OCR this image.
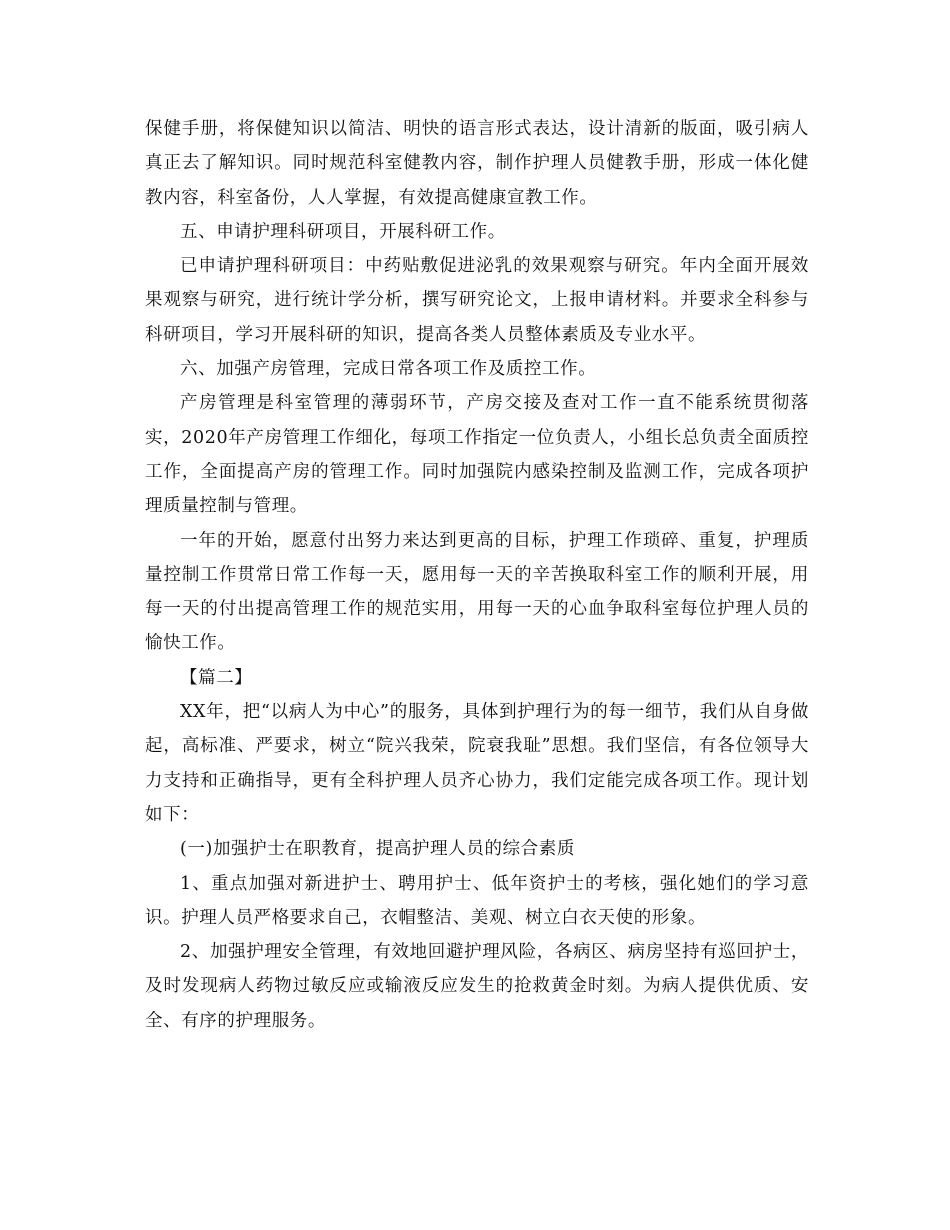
保健手册，将保健知识以简洁、明快的语言形式表达，设计清新的版面，吸引病人真正去了解知识。同时规范科室健教内容，制作护理人员健教手册，形成一体化健教内容，科室备份，人人掌握，有效提高健康宣教工作。

五、申请护理科研项目，开展科研工作。

已申请护理科研项目：中药贴敷促进泌乳的效果观察与研究。年内全面开展效果观察与研究，进行统计学分析，撰写研究论文，上报申请材料。并要求全科参与科研项目，学习开展科研的知识，提高各类人员整体素质及专业水平。

六、加强产房管理，完成日常各项工作及质控工作。

产房管理是科室管理的薄弱环节，产房交接及查对工作一直不能系统贯彻落实，2020年产房管理工作细化，每项工作指定一位负责人，小组长总负责全面质控工作，全面提高产房的管理工作。同时加强院内感染控制及监测工作，完成各项护理质量控制与管理。

一年的开始，愿意付出努力来达到更高的目标，护理工作琐碎、重复，护理质量控制工作贯常日常工作每一天，愿用每一天的辛苦换取科室工作的顺利开展，用每一天的付出提高管理工作的规范实用，用每一天的心血争取科室每位护理人员的愉快工作。

【篇二】

XX年，把“以病人为中心”的服务，具体到护理行为的每一细节，我们从自身做起，高标准、严要求，树立“院兴我荣，院衰我耻”思想。我们坚信，有各位领导大力支持和正确指导，更有全科护理人员齐心协力，我们定能完成各项工作。现计划如下：

(一)加强护士在职教育，提高护理人员的综合素质

1、重点加强对新进护士、聘用护士、低年资护士的考核，强化她们的学习意识。护理人员严格要求自己，衣帽整洁、美观、树立白衣天使的形象。

2、加强护理安全管理，有效地回避护理风险，各病区、病房坚持有巡回护士，及时发现病人药物过敏反应或输液反应发生的抢救黄金时刻。为病人提供优质、安全、有序的护理服务。
